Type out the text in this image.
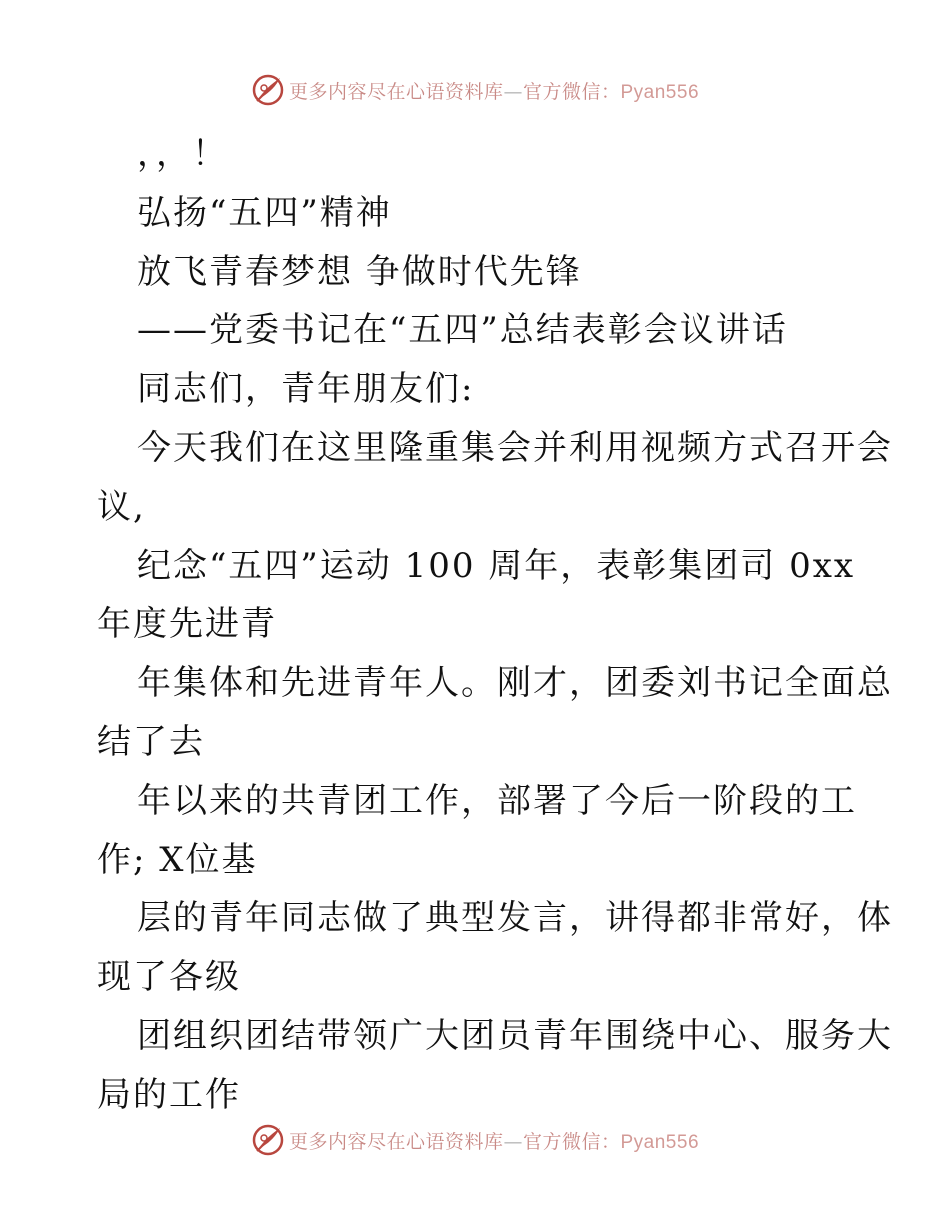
更多内容尽在心语资料库—官方微信：Pyan556
，，！
弘扬“五四”精神
放飞青春梦想 争做时代先锋
——党委书记在“五四”总结表彰会议讲话
同志们，青年朋友们:
今天我们在这里隆重集会并利用视频方式召开会
议,
纪念“五四”运动 100 周年，表彰集团司 0xx
年度先进青
年集体和先进青年人。刚才，团委刘书记全面总
结了去
年以来的共青团工作，部署了今后一阶段的工
作; X位基
层的青年同志做了典型发言，讲得都非常好，体
现了各级
团组织团结带领广大团员青年围绕中心、服务大
局的工作
更多内容尽在心语资料库—官方微信：Pyan556
